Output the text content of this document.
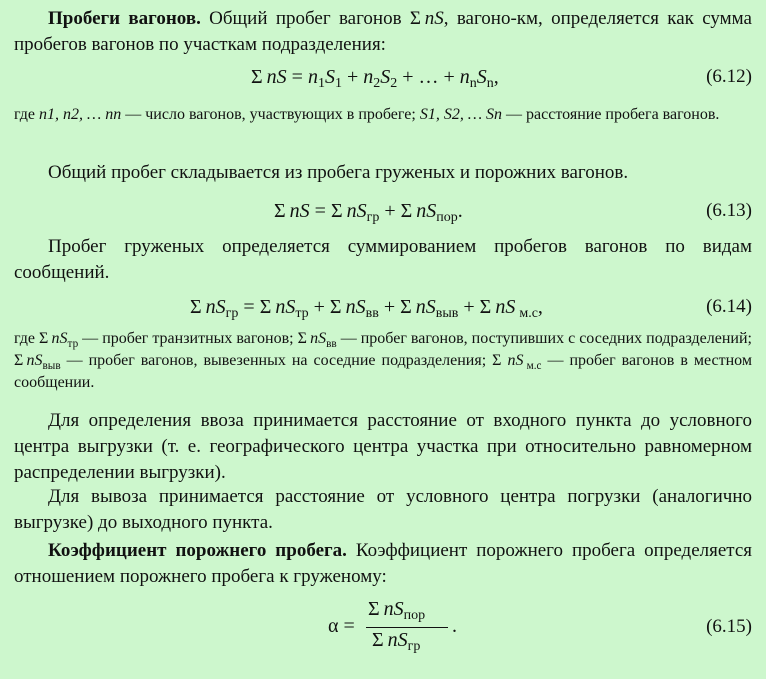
Пробеги вагонов. Общий пробег вагонов Σ  nS, вагоно-км, определяется как сумма пробегов вагонов по участкам подразделения:
Σ  nS = $n_1S_1 + n_2S_2$ + … + $n_nS_n$,	(6.12)
где n1, n2, … nn — число вагонов, участвующих в пробеге; S1, S2, … Sn — расстояние пробега вагонов.
Общий пробег складывается из пробега груженых и порожних вагонов.
Σ  nS = Σ  $nS_{гр} + \Sigma$  $nS_{пор}$.	(6.13)
Пробег груженых определяется суммированием пробегов вагонов по видам сообщений.
Σ  $nS_{гр} = \Sigma$  $nS_{тр} + \Sigma$  $nS_{вв} + \Sigma$  $nS_{выв} + \Sigma$  nS  $_{м.с}$,	(6.14)
где Σ  $nS_{тр}$ — пробег транзитных вагонов; Σ  $nS_{вв}$ — пробег вагонов, поступивших с соседних подразделений; Σ  $nS_{выв}$ — пробег вагонов, вывезенных на соседние подразделения; Σ nS  $_{м.с}$ — пробег вагонов в местном сообщении.
Для определения ввоза принимается расстояние от входного пункта до условного центра выгрузки (т. е. географического центра участка при относительно равномерном распределении выгрузки).
Для вывоза принимается расстояние от условного центра погрузки (аналогично выгрузке) до выходного пункта.
Коэффициент порожнего пробега. Коэффициент порожнего пробега определяется отношением порожнего пробега к груженому:
α =
Σ  $nS_{пор}$
Σ  $nS_{гр}$
.	(6.15)
